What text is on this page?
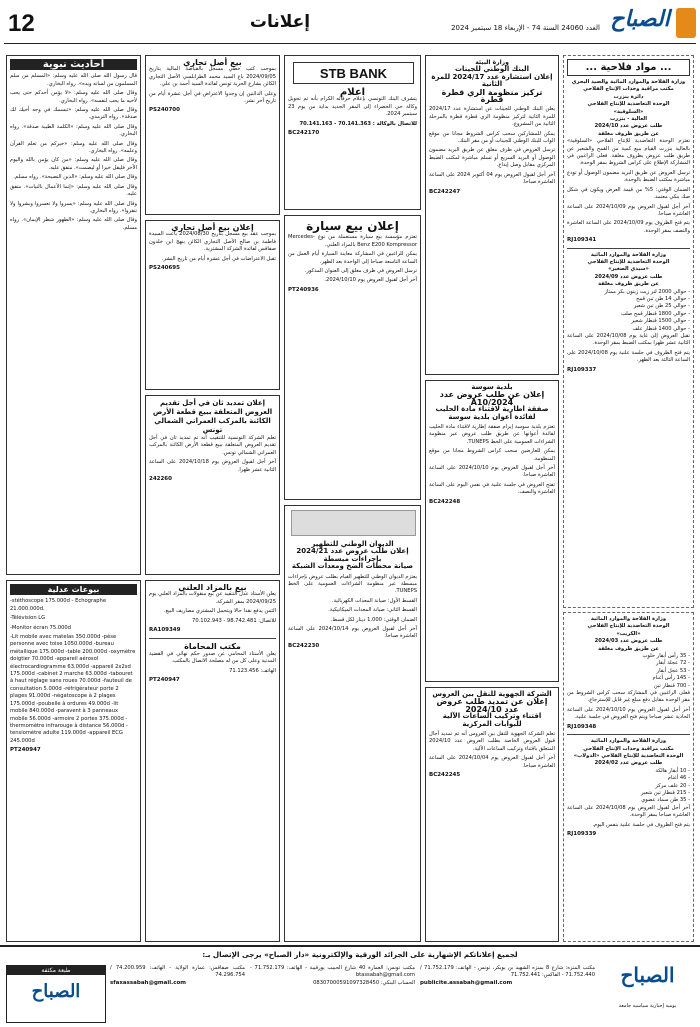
12	إعلانات	العدد 24060 السنة 74 - الإربعاء 18 سبتمبر 2024 الصباح
... مواد فلاحية ...
وزارة الفلاحة والموارد المائية والصيد البحري
مكتب مراقبة وحدات الإنتاج الفلاحي
دائرة بنزرت
الوحدة التعاضدية للإنتاج الفلاحي
«السلوقية»
العالية - بنزرت
طلب عروض عدد 2024/10
عن طريق ظروف مغلقة

تعتزم الوحدة التعاضدية للإنتاج الفلاحي «السلوقية» بالعالية بنزرت القيام ببيع كمية من القمح والشعير عن طريق طلب عروض بظروف مغلقة. فعلى الراغبين في المشاركة الإطلاع على كراس الشروط بمقر الوحدة.

ترسل العروض عن طريق البريد مضمون الوصول أو تودع مباشرة بمكتب الضبط بالوحدة.

الضمان الوقتي: 5% من قيمة العرض ويكون في شكل صك بنكي معتمد.

آخر أجل لقبول العروض يوم 2024/10/09 على الساعة العاشرة صباحا.

يتم فتح الظروف يوم 2024/10/09 على الساعة العاشرة والنصف بمقر الوحدة.

RJ109341
وزارة الفلاحة والموارد المائية
الوحدة التعاضدية للإنتاج الفلاحي
«سيدي الصغير»
طلب عروض عدد 2024/09
عن طريق ظروف مغلقة
- حوالي 2000 لتر زيت زيتون بكر ممتاز
- حوالي 14 طن تبن قمح
- حوالي 25 طن تبن شعير
- حوالي 1800 قنطار قمح صلب
- حوالي 1500 قنطار شعير
- حوالي 1400 قنطار علف

تقبل العروض إلى غاية يوم 2024/10/08 على الساعة الثانية عشر ظهرا بمكتب الضبط بمقر الوحدة.

يتم فتح الظروف في جلسة علنية يوم 2024/10/08 على الساعة الثالثة بعد الظهر.

RJ109337
وزارة الفلاحة والموارد المائية
الوحدة التعاضدية للإنتاج الفلاحي
«الكريب»
طلب عروض عدد 2024/03
عن طريق ظروف مغلقة
- 35 رأس أبقار حلوب
- 72 عجلة أبقار
- 53 عجل أبقار
- 145 رأس أغنام
- 700 قنطار تبن

فعلى الراغبين في المشاركة سحب كراس الشروط من مقر الوحدة مقابل دفع مبلغ غير قابل للإسترجاع.

آخر أجل لقبول العروض يوم 2024/10/10 على الساعة الحادية عشر صباحا ويتم فتح العروض في جلسة علنية.

RJ109348
وزارة الفلاحة والموارد المائية
مكتب مراقبة وحدات الإنتاج الفلاحي
الوحدة التعاضدية للإنتاج الفلاحي «الدولاب»
طلب عروض عدد 2024/02
- 10 أبقار هالكة
- 46 أغنام
- 20 علف مركز
- 215 قنطار تبن شعير
- 35 طن سماد عضوي

آخر أجل لقبول العروض يوم 2024/10/08 على الساعة العاشرة صباحا بمقر الوحدة.

يتم فتح الظروف في جلسة علنية بنفس اليوم.

RJ109339
وزارة البيئة
البنك الوطني للجينات
إعلان استشارة عدد 2024/17 للمرة الثانية
تركيز منظومة الري قطرة قطرة

يعلن البنك الوطني للجينات عن استشارة عدد 2024/17 للمرة الثانية لتركيز منظومة الري قطرة قطرة بالمرحلة الثانية من المشروع.

يمكن للمشاركين سحب كراس الشروط مجانا من موقع الواب للبنك الوطني للجينات أو من مقر البنك.

ترسل العروض في ظرف مغلق عن طريق البريد مضمون الوصول أو البريد السريع أو تسلم مباشرة لمكتب الضبط المركزي مقابل وصل إيداع.

آخر أجل لقبول العروض يوم 04 أكتوبر 2024 على الساعة العاشرة صباحا.

BC242247
بلدية سوسة
إعلان عن طلب عروض عدد 2024/A10
صفقة اطارية لاقتناء مادة الحليب لفائدة أعوان بلدية سوسة

تعتزم بلدية سوسة إبرام صفقة إطارية لاقتناء مادة الحليب لفائدة أعوانها عن طريق طلب عروض عبر منظومة الشراءات العمومية على الخط TUNEPS.

يمكن للعارضين سحب كراس الشروط مجانا من موقع المنظومة.

آخر أجل لقبول العروض يوم 2024/10/10 على الساعة العاشرة صباحا.

تفتح العروض في جلسة علنية في نفس اليوم على الساعة العاشرة والنصف.

BC242248
الشركة الجهوية للنقل ببن العروس
إعلان عن تمديد طلب عروض عدد 2024/10
اقتناء وتركيب الساعات الآلية للبوابات المركزية

تعلم الشركة الجهوية للنقل ببن العروس أنه تم تمديد آجال قبول العروض الخاصة بطلب العروض عدد 2024/10 المتعلق باقتناء وتركيب الساعات الآلية.

آخر أجل لقبول العروض يوم 2024/10/04 على الساعة العاشرة صباحا.

BC242245
STB BANK
اعلام

يتشرف البنك التونسي بإعلام حرفائه الكرام بأنه تم تحويل وكالة حي الخضراء إلى المقر الجديد بداية من يوم 23 سبتمبر 2024.

للاتصال بالوكالة : 70.141.363 - 70.141.163

BC242170
إعلان بيع سيارة

تعتزم مؤسسة بيع سيارة مستعملة من نوع Mercedes-Benz E200 Kompressor بالمزاد العلني.

يمكن للراغبين في المشاركة معاينة السيارة أيام العمل من الساعة التاسعة صباحا إلى الواحدة بعد الظهر.

ترسل العروض في ظرف مغلق إلى العنوان المذكور.

آخر أجل لقبول العروض يوم 2024/10/10.

PT240936
الديوان الوطني للتطهير
إعلان طلب عروض عدد 2024/21 بإجراءات مبسطة
صيانة محطات الضخ ومعدات الشبكة

يعتزم الديوان الوطني للتطهير القيام بطلب عروض بإجراءات مبسطة عبر منظومة الشراءات العمومية على الخط TUNEPS.

القسط الأول: صيانة المعدات الكهربائية.

القسط الثاني: صيانة المعدات الميكانيكية.

الضمان الوقتي: 1.000 دينار لكل قسط.

آخر أجل لقبول العروض يوم 2024/10/14 على الساعة العاشرة صباحا.

BC242230
بيع أصل تجاري

بموجب كتب خطي مسجل بالقباضة المالية بتاريخ 2024/09/05 باع السيد محمد الطرابلسي الأصل التجاري الكائن بشارع الحرية تونس لفائدة السيد أحمد بن علي.

وعلى الدائنين إن وجدوا الاعتراض في أجل عشرة أيام من تاريخ آخر نشر.

PS240700
إعلان بيع أصل تجاري

بموجب عقد بيع مسجل بتاريخ 2024/08/30 باعت السيدة فاطمة بن صالح الأصل التجاري الكائن بنهج ابن خلدون صفاقس لفائدة الشركة المشترية.

تقبل الاعتراضات في أجل عشرة أيام من تاريخ النشر.

PS240695
إعلان تمديد ثان في أجل تقديم العروض المتعلقة ببيع قطعة الأرض الكائنة بالمركب العمراني الشمالي تونس

تعلم الشركة التونسية للتنقيب أنه تم تمديد ثان في أجل تقديم العروض المتعلقة ببيع قطعة الأرض الكائنة بالمركب العمراني الشمالي تونس.

آخر أجل لقبول العروض يوم 2024/10/18 على الساعة الثانية عشر ظهرا.

242260
أحاديث نبوية

قال رسول الله صلى الله عليه وسلم: «المسلم من سلم المسلمون من لسانه ويده». رواه البخاري.

وقال صلى الله عليه وسلم: «لا يؤمن أحدكم حتى يحب لأخيه ما يحب لنفسه». رواه البخاري.

وقال صلى الله عليه وسلم: «تبسمك في وجه أخيك لك صدقة». رواه الترمذي.

وقال صلى الله عليه وسلم: «الكلمة الطيبة صدقة». رواه البخاري.

وقال صلى الله عليه وسلم: «خيركم من تعلم القرآن وعلمه». رواه البخاري.

وقال صلى الله عليه وسلم: «من كان يؤمن بالله واليوم الآخر فليقل خيرا أو ليصمت». متفق عليه.

وقال صلى الله عليه وسلم: «الدين النصيحة». رواه مسلم.

وقال صلى الله عليه وسلم: «إنما الأعمال بالنيات». متفق عليه.

وقال صلى الله عليه وسلم: «يسروا ولا تعسروا وبشروا ولا تنفروا». رواه البخاري.

وقال صلى الله عليه وسلم: «الطهور شطر الإيمان». رواه مسلم.

بيوعات عدلية

-stéthoscope 175.000d - Echographe 21.000.000d.

-Télévision LG

-Monitor écran 75.000d

-Lit mobile avec matelas 350.000d -pèse personne avec toise 1050.000d -bureau métallique 175.000d -table 200.000d -oxymètre doigtier 70.000d -appareil aérosol électrocardiogramme 63.000d -appareil 2x2sd 175.000d -cabinet 2 marche 63.000d -tabouret à haut réglage sans roues 70.000d -fauteuil de consultation 5.000d -réfrigérateur porte 2 plages 91.000d -négatoscope à 2 plages 175.000d -poubelle à ordures 49.000d -lit mobile 840.000d -paravent à 3 panneaux mobile 56.000d -armoire 2 portes 375.000d -thermomètre infrarouge à distance 56.000d -tensiomètre adulte 119.000d -appareil ECG 245.000d

PT240947
بيع بالمزاد العلني

يعلن الأستاذ عدل التنفيذ عن بيع منقولات بالمزاد العلني يوم 2024/09/25 بمقر الشركة.

الثمن يدفع نقدا حالا ويتحمل المشتري مصاريف البيع.

للاتصال: 98.742.481 - 70.102.943

RA109349
مكتب المحاماة

يعلن الأستاذ المحامي عن صدور حكم نهائي في القضية المدنية وعلى كل من له مصلحة الاتصال بالمكتب.

الهاتف: 71.123.456

PT240947
لجميع إعلاناتكم الإشهارية على الجرائد الورقية والإلكترونية «دار الصباح» يرجى الإتصال بـ:
مكتب المنزه: شارع 8 بمنزه الشهيد بن بوبكر، تونس - الهاتف: 71.752.179 / 71.752.440 - الفاكس: 71.752.441
publicite.assabah@gmail.com
مكتب تونس: العمارة 40 شارع الحبيب بورقيبة - الهاتف: 71.752.179 - btassabah@gmail.com
الحساب البنكي: 08307000591097328450
مكتب صفاقس: عمارة الولاية - الهاتف: 74.200.959 / 74.296.754
sfaxassabah@gmail.com	الصباح
يومية إخبارية سياسية جامعة
طبعة مكثفة
الصباح
